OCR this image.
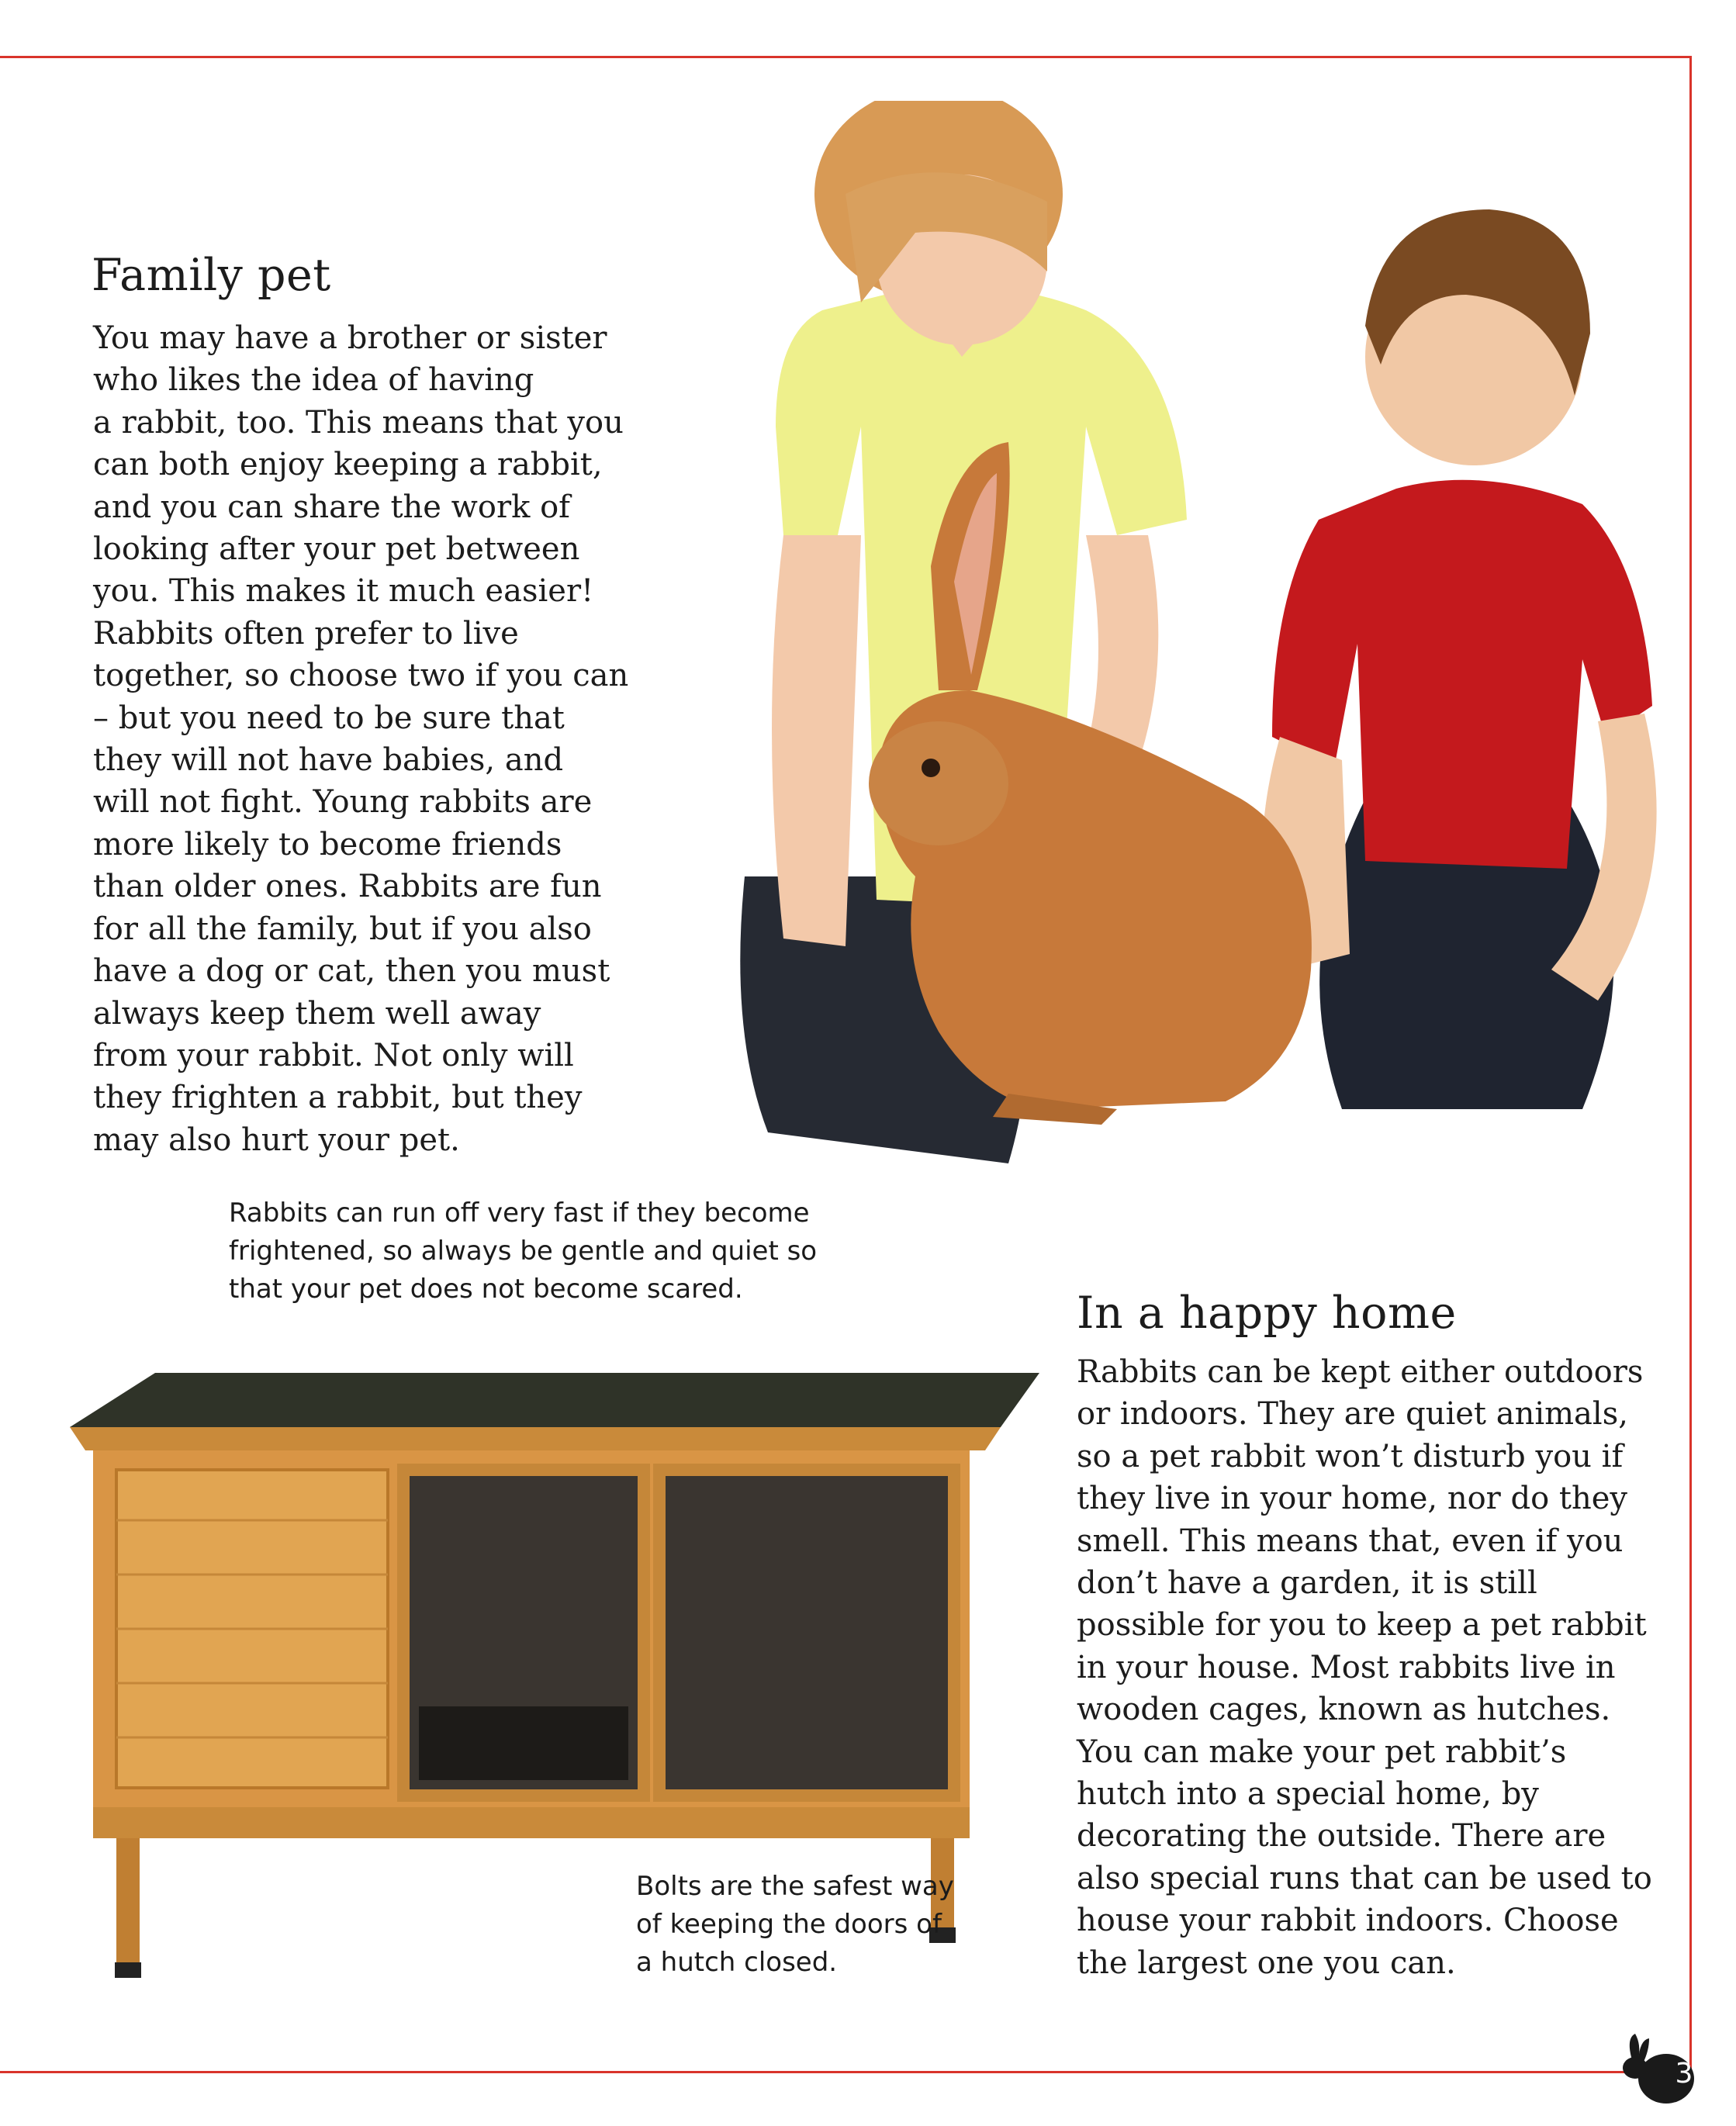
Family pet

You may have a brother or sister
who likes the idea of having
a rabbit, too. This means that you
can both enjoy keeping a rabbit,
and you can share the work of
looking after your pet between
you. This makes it much easier!
Rabbits often prefer to live
together, so choose two if you can
– but you need to be sure that
they will not have babies, and
will not fight. Young rabbits are
more likely to become friends
than older ones. Rabbits are fun
for all the family, but if you also
have a dog or cat, then you must
always keep them well away
from your rabbit. Not only will
they frighten a rabbit, but they
may also hurt your pet.

Rabbits can run off very fast if they become
frightened, so always be gentle and quiet so
that your pet does not become scared.	In a happy home

Rabbits can be kept either outdoors
or indoors. They are quiet animals,
so a pet rabbit won’t disturb you if
they live in your home, nor do they
smell. This means that, even if you
don’t have a garden, it is still
possible for you to keep a pet rabbit
in your house. Most rabbits live in
wooden cages, known as hutches.
You can make your pet rabbit’s
hutch into a special home, by
decorating the outside. There are
also special runs that can be used to
house your rabbit indoors. Choose
the largest one you can.

Bolts are the safest way
of keeping the doors of
a hutch closed.

3
